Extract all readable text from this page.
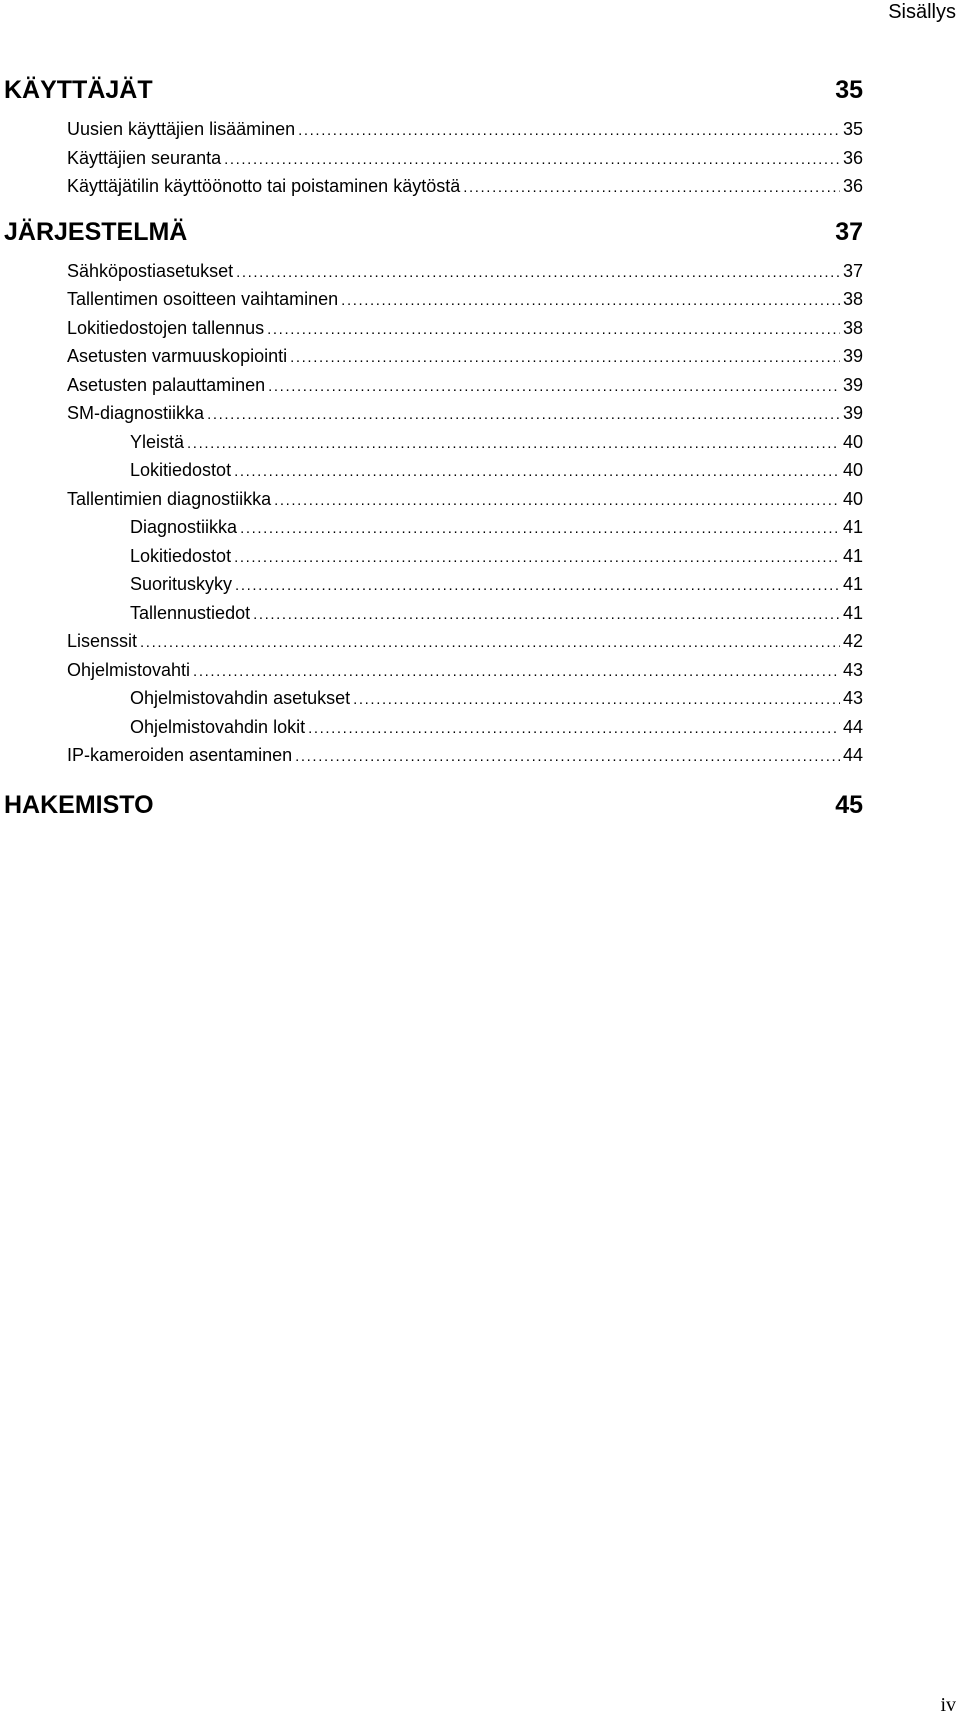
Sisällys
KÄYTTÄJÄT	35
Uusien käyttäjien lisääminen .....	35
Käyttäjien seuranta .....	36
Käyttäjätilin käyttöönotto tai poistaminen käytöstä .....	36
JÄRJESTELMÄ	37
Sähköpostiasetukset .....	37
Tallentimen osoitteen vaihtaminen .....	38
Lokitiedostojen tallennus .....	38
Asetusten varmuuskopiointi .....	39
Asetusten palauttaminen .....	39
SM-diagnostiikka .....	39
Yleistä .....	40
Lokitiedostot .....	40
Tallentimien diagnostiikka .....	40
Diagnostiikka .....	41
Lokitiedostot .....	41
Suorituskyky .....	41
Tallennustiedot .....	41
Lisenssit .....	42
Ohjelmistovahti .....	43
Ohjelmistovahdin asetukset .....	43
Ohjelmistovahdin lokit .....	44
IP-kameroiden asentaminen .....	44
HAKEMISTO	45
iv
